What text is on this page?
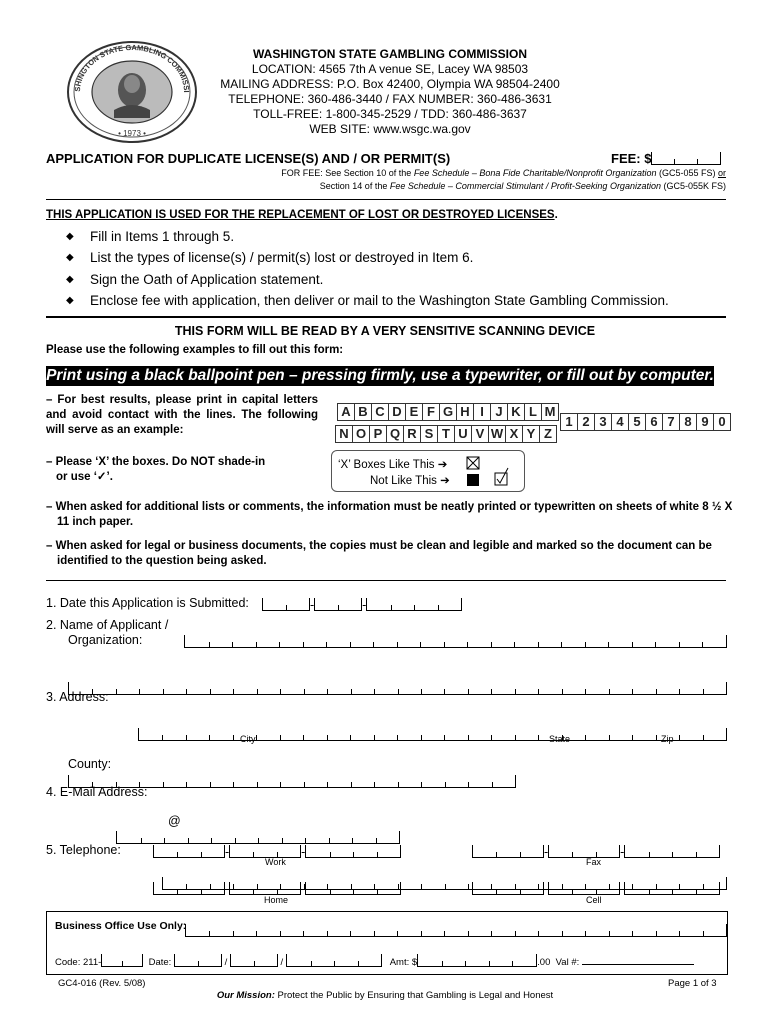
• 1973 •
SHINGTON STATE GAMBLING COMMISSI
WASHINGTON STATE GAMBLING COMMISSION
LOCATION: 4565 7th A venue SE, Lacey WA 98503
MAILING ADDRESS: P.O. Box 42400, Olympia WA 98504-2400
TELEPHONE: 360-486-3440 / FAX NUMBER: 360-486-3631
TOLL-FREE: 1-800-345-2529 / TDD: 360-486-3637
WEB SITE: www.wsgc.wa.gov
APPLICATION FOR DUPLICATE LICENSE(S) AND / OR PERMIT(S)	FEE: $
FOR FEE: See Section 10 of the Fee Schedule – Bona Fide Charitable/Nonprofit Organization (GC5-055 FS) or
Section 14 of the Fee Schedule – Commercial Stimulant / Profit-Seeking Organization (GC5-055K FS)
THIS APPLICATION IS USED FOR THE REPLACEMENT OF LOST OR DESTROYED LICENSES.
◆ Fill in Items 1 through 5.
◆ List the types of license(s) / permit(s) lost or destroyed in Item 6.
◆ Sign the Oath of Application statement.
◆ Enclose fee with application, then deliver or mail to the Washington State Gambling Commission.
THIS FORM WILL BE READ BY A VERY SENSITIVE SCANNING DEVICE
Please use the following examples to fill out this form:
Print using a black ballpoint pen – pressing firmly, use a typewriter, or fill out by computer.
– For best results, please print in capital letters and avoid contact with the lines. The following will serve as an example:
A B C D E F G H I J K L M
N O P Q R S T U V W X Y Z
1 2 3 4 5 6 7 8 9 0
– Please ‘X’ the boxes. Do NOT shade-in
or use ‘✓’.
‘X’ Boxes Like This ➔
Not Like This ➔
– When asked for additional lists or comments, the information must be neatly printed or typewritten on sheets of white 8 ½ X 11 inch paper.
– When asked for legal or business documents, the copies must be clean and legible and marked so the document can be identified to the question being asked.
1. Date this Application is Submitted:	-	-
2. Name of Applicant /
Organization:

3. Address:

City	State	Zip
County:

4. E-Mail Address:

@
5. Telephone:	-	-
Work
-	-
Fax
-	-
Home
-	-
Cell
Business Office Use Only:
Code: 211-	Date:	/	/	Amt: $	.00 Val #:
GC4-016 (Rev. 5/08)	Page 1 of 3
Our Mission: Protect the Public by Ensuring that Gambling is Legal and Honest
